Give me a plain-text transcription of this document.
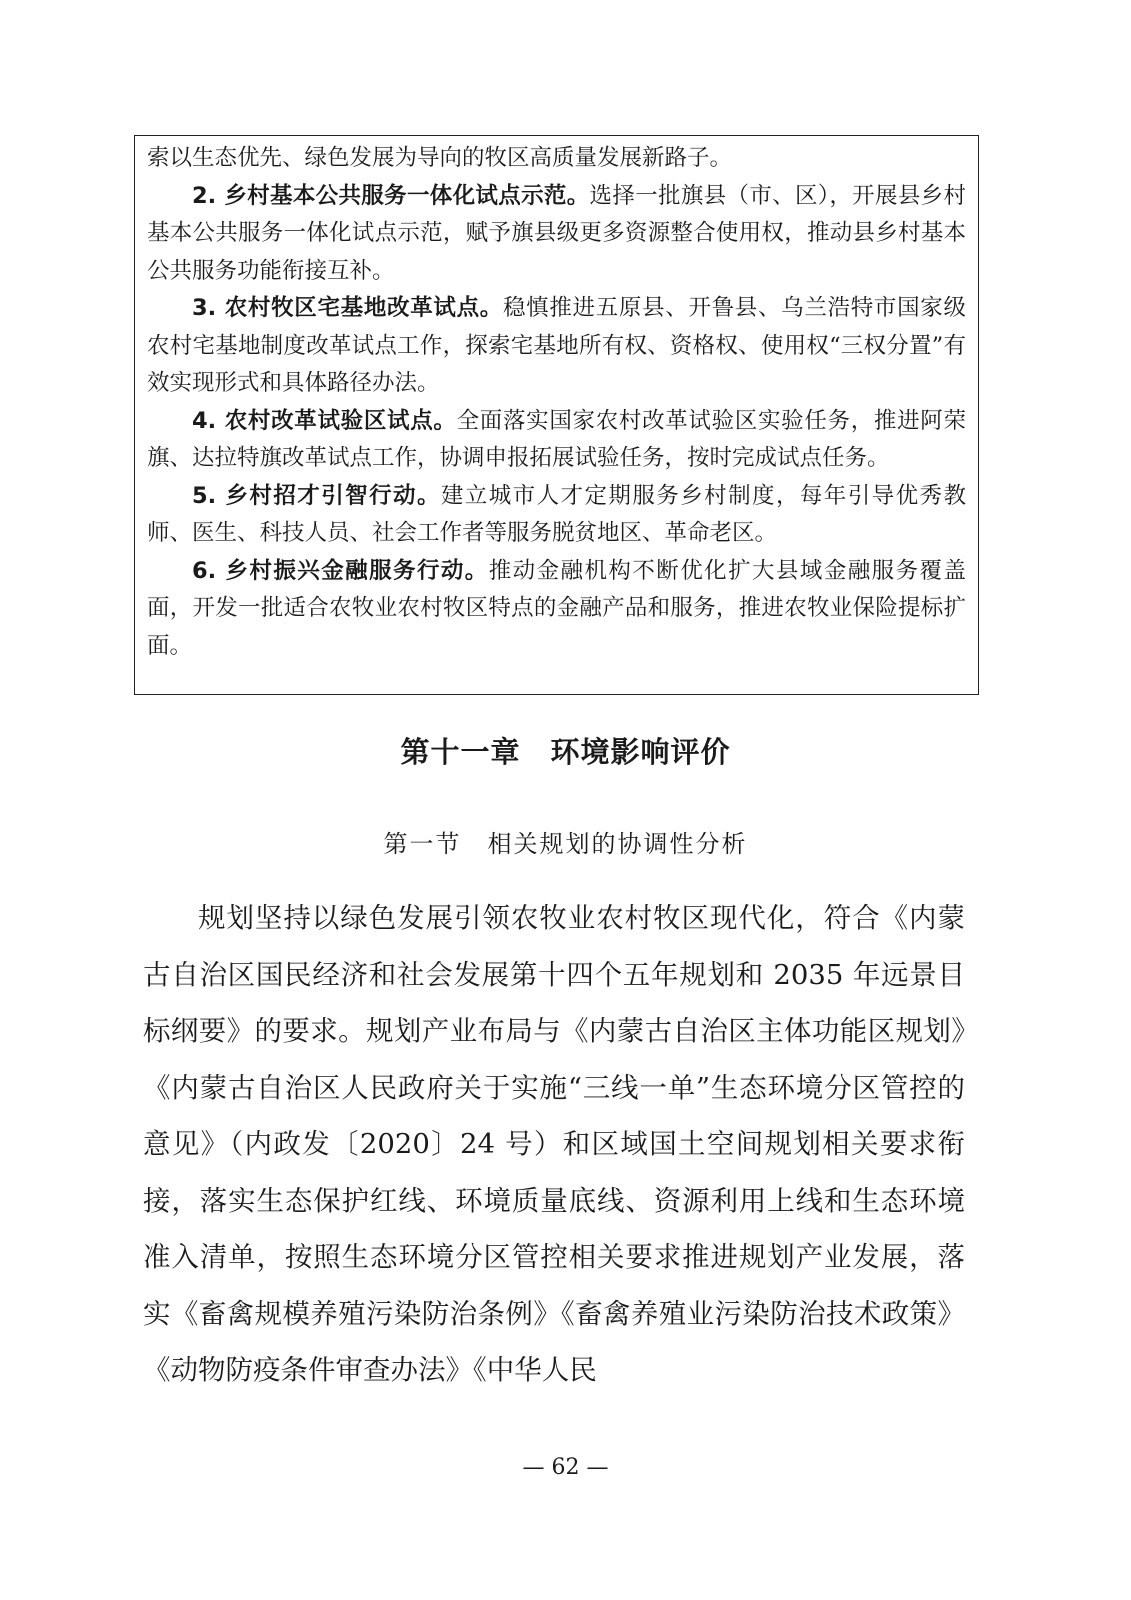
索以生态优先、绿色发展为导向的牧区高质量发展新路子。

2. 乡村基本公共服务一体化试点示范。选择一批旗县（市、区），开展县乡村基本公共服务一体化试点示范，赋予旗县级更多资源整合使用权，推动县乡村基本公共服务功能衔接互补。

3. 农村牧区宅基地改革试点。稳慎推进五原县、开鲁县、乌兰浩特市国家级农村宅基地制度改革试点工作，探索宅基地所有权、资格权、使用权“三权分置”有效实现形式和具体路径办法。

4. 农村改革试验区试点。全面落实国家农村改革试验区实验任务，推进阿荣旗、达拉特旗改革试点工作，协调申报拓展试验任务，按时完成试点任务。

5. 乡村招才引智行动。建立城市人才定期服务乡村制度，每年引导优秀教师、医生、科技人员、社会工作者等服务脱贫地区、革命老区。

6. 乡村振兴金融服务行动。推动金融机构不断优化扩大县域金融服务覆盖面，开发一批适合农牧业农村牧区特点的金融产品和服务，推进农牧业保险提标扩面。

第十一章　环境影响评价
第一节　相关规划的协调性分析

规划坚持以绿色发展引领农牧业农村牧区现代化，符合《内蒙古自治区国民经济和社会发展第十四个五年规划和 2035 年远景目标纲要》的要求。规划产业布局与《内蒙古自治区主体功能区规划》《内蒙古自治区人民政府关于实施“三线一单”生态环境分区管控的意见》（内政发〔2020〕24 号）和区域国土空间规划相关要求衔接，落实生态保护红线、环境质量底线、资源利用上线和生态环境准入清单，按照生态环境分区管控相关要求推进规划产业发展，落实《畜禽规模养殖污染防治条例》《畜禽养殖业污染防治技术政策》《动物防疫条件审查办法》《中华人民

— 62 —
